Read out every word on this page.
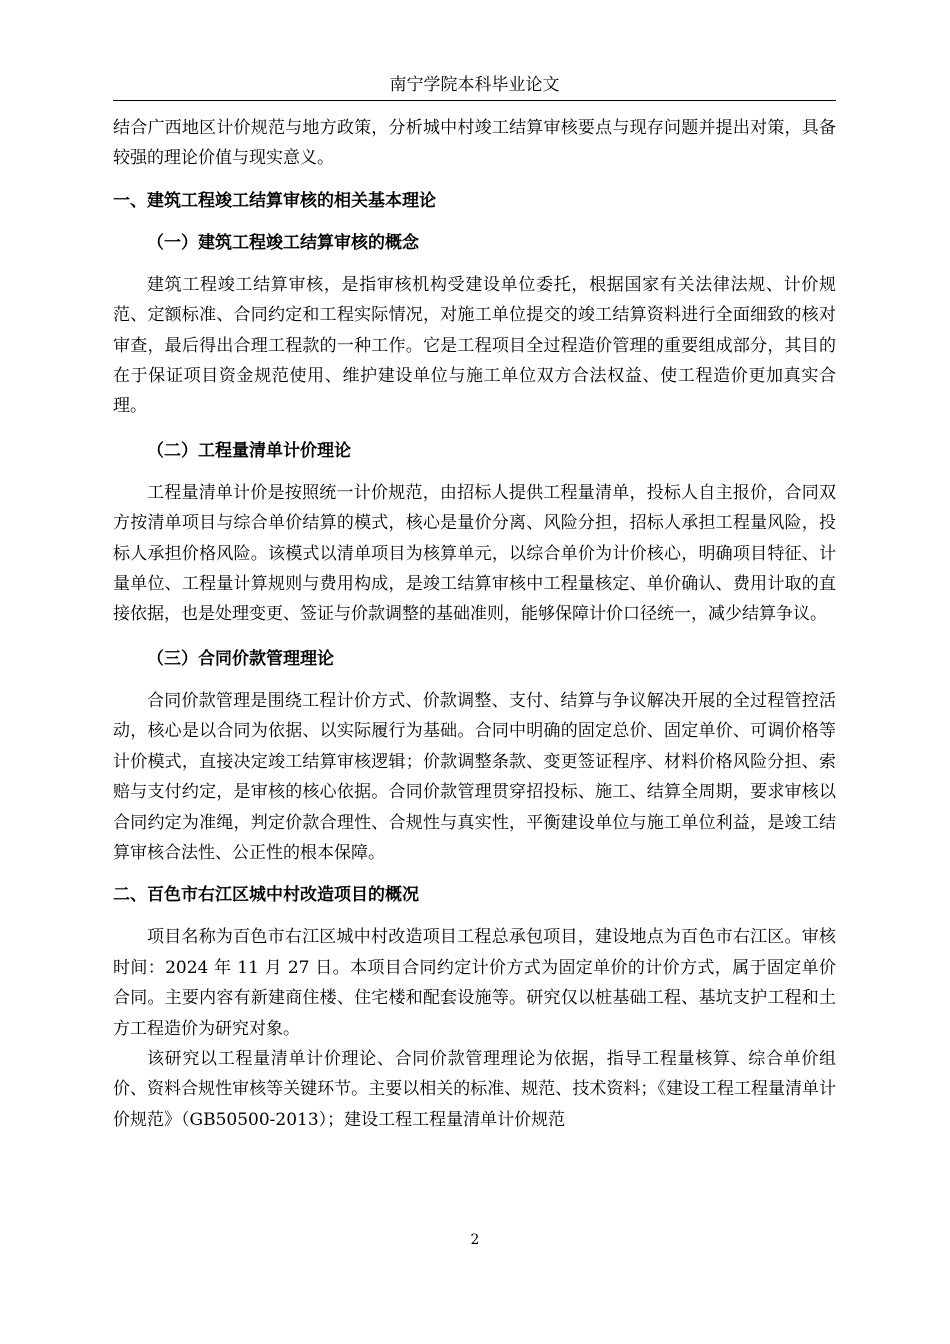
南宁学院本科毕业论文

结合广西地区计价规范与地方政策，分析城中村竣工结算审核要点与现存问题并提出对策，具备较强的理论价值与现实意义。

一、建筑工程竣工结算审核的相关基本理论
（一）建筑工程竣工结算审核的概念

建筑工程竣工结算审核，是指审核机构受建设单位委托，根据国家有关法律法规、计价规范、定额标准、合同约定和工程实际情况，对施工单位提交的竣工结算资料进行全面细致的核对审查，最后得出合理工程款的一种工作。它是工程项目全过程造价管理的重要组成部分，其目的在于保证项目资金规范使用、维护建设单位与施工单位双方合法权益、使工程造价更加真实合理。

（二）工程量清单计价理论

工程量清单计价是按照统一计价规范，由招标人提供工程量清单，投标人自主报价，合同双方按清单项目与综合单价结算的模式，核心是量价分离、风险分担，招标人承担工程量风险，投标人承担价格风险。该模式以清单项目为核算单元，以综合单价为计价核心，明确项目特征、计量单位、工程量计算规则与费用构成，是竣工结算审核中工程量核定、单价确认、费用计取的直接依据，也是处理变更、签证与价款调整的基础准则，能够保障计价口径统一，减少结算争议。

（三）合同价款管理理论

合同价款管理是围绕工程计价方式、价款调整、支付、结算与争议解决开展的全过程管控活动，核心是以合同为依据、以实际履行为基础。合同中明确的固定总价、固定单价、可调价格等计价模式，直接决定竣工结算审核逻辑；价款调整条款、变更签证程序、材料价格风险分担、索赔与支付约定，是审核的核心依据。合同价款管理贯穿招投标、施工、结算全周期，要求审核以合同约定为准绳，判定价款合理性、合规性与真实性，平衡建设单位与施工单位利益，是竣工结算审核合法性、公正性的根本保障。

二、百色市右江区城中村改造项目的概况

项目名称为百色市右江区城中村改造项目工程总承包项目，建设地点为百色市右江区。审核时间：2024 年 11 月 27 日。本项目合同约定计价方式为固定单价的计价方式，属于固定单价合同。主要内容有新建商住楼、住宅楼和配套设施等。研究仅以桩基础工程、基坑支护工程和土方工程造价为研究对象。

该研究以工程量清单计价理论、合同价款管理理论为依据，指导工程量核算、综合单价组价、资料合规性审核等关键环节。主要以相关的标准、规范、技术资料；《建设工程工程量清单计价规范》（GB50500-2013）；建设工程工程量清单计价规范

2
